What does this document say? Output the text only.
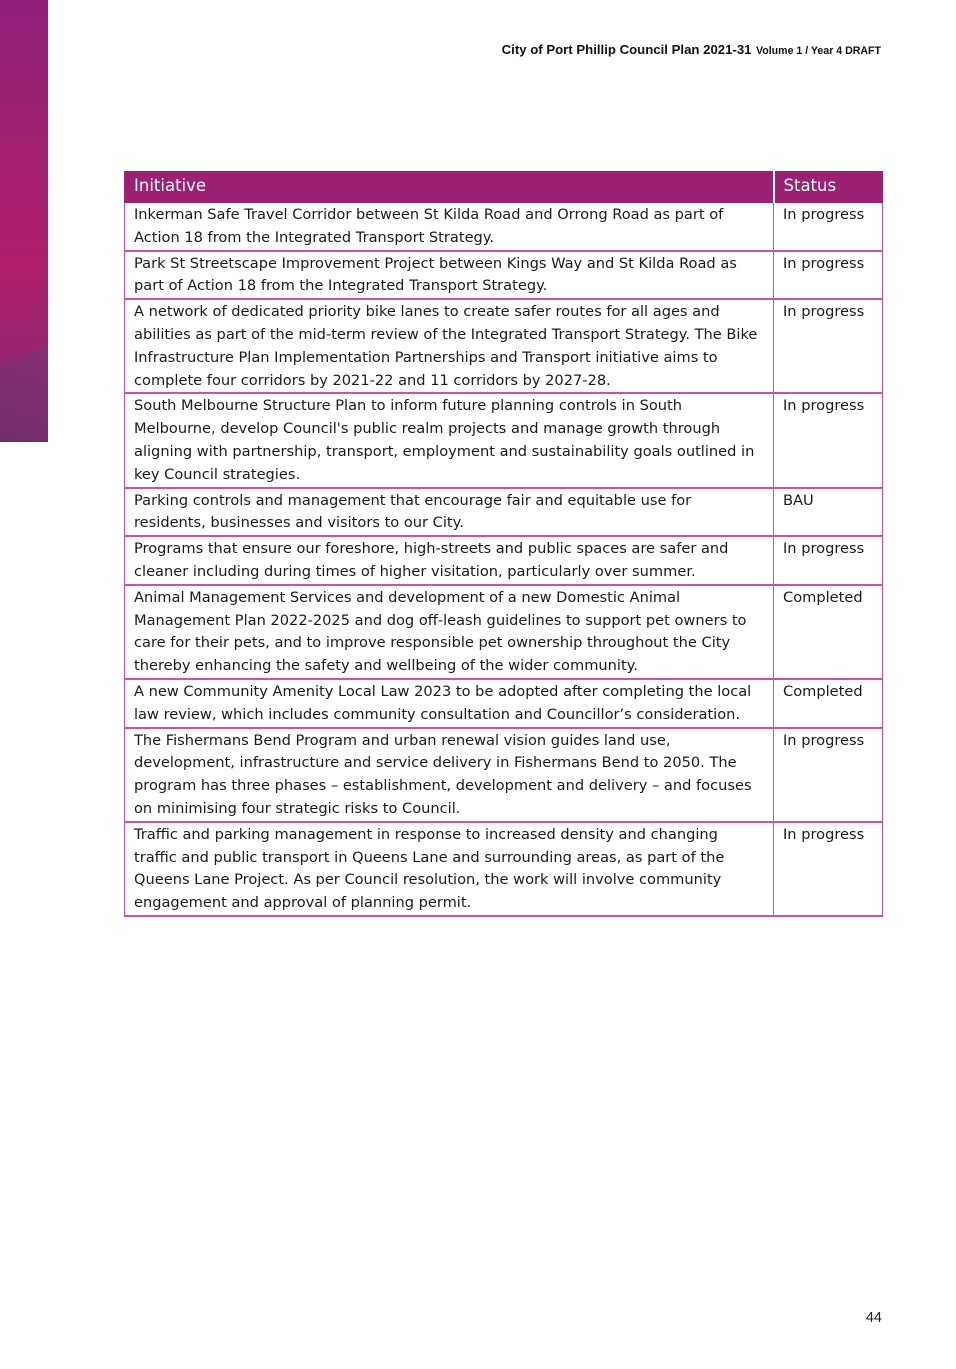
City of Port Phillip Council Plan 2021-31 Volume 1 / Year 4 DRAFT
Initiative	Status
Inkerman Safe Travel Corridor between St Kilda Road and Orrong Road as part of Action 18 from the Integrated Transport Strategy.	In progress
Park St Streetscape Improvement Project between Kings Way and St Kilda Road as part of Action 18 from the Integrated Transport Strategy.	In progress
A network of dedicated priority bike lanes to create safer routes for all ages and abilities as part of the mid-term review of the Integrated Transport Strategy. The Bike Infrastructure Plan Implementation Partnerships and Transport initiative aims to complete four corridors by 2021-22 and 11 corridors by 2027-28.	In progress
South Melbourne Structure Plan to inform future planning controls in South Melbourne, develop Council's public realm projects and manage growth through aligning with partnership, transport, employment and sustainability goals outlined in key Council strategies.	In progress
Parking controls and management that encourage fair and equitable use for residents, businesses and visitors to our City.	BAU
Programs that ensure our foreshore, high-streets and public spaces are safer and cleaner including during times of higher visitation, particularly over summer.	In progress
Animal Management Services and development of a new Domestic Animal Management Plan 2022-2025 and dog off-leash guidelines to support pet owners to care for their pets, and to improve responsible pet ownership throughout the City thereby enhancing the safety and wellbeing of the wider community.	Completed
A new Community Amenity Local Law 2023 to be adopted after completing the local law review, which includes community consultation and Councillor’s consideration.	Completed
The Fishermans Bend Program and urban renewal vision guides land use, development, infrastructure and service delivery in Fishermans Bend to 2050. The program has three phases – establishment, development and delivery – and focuses on minimising four strategic risks to Council.	In progress
Traffic and parking management in response to increased density and changing traffic and public transport in Queens Lane and surrounding areas, as part of the Queens Lane Project. As per Council resolution, the work will involve community engagement and approval of planning permit.	In progress
44
